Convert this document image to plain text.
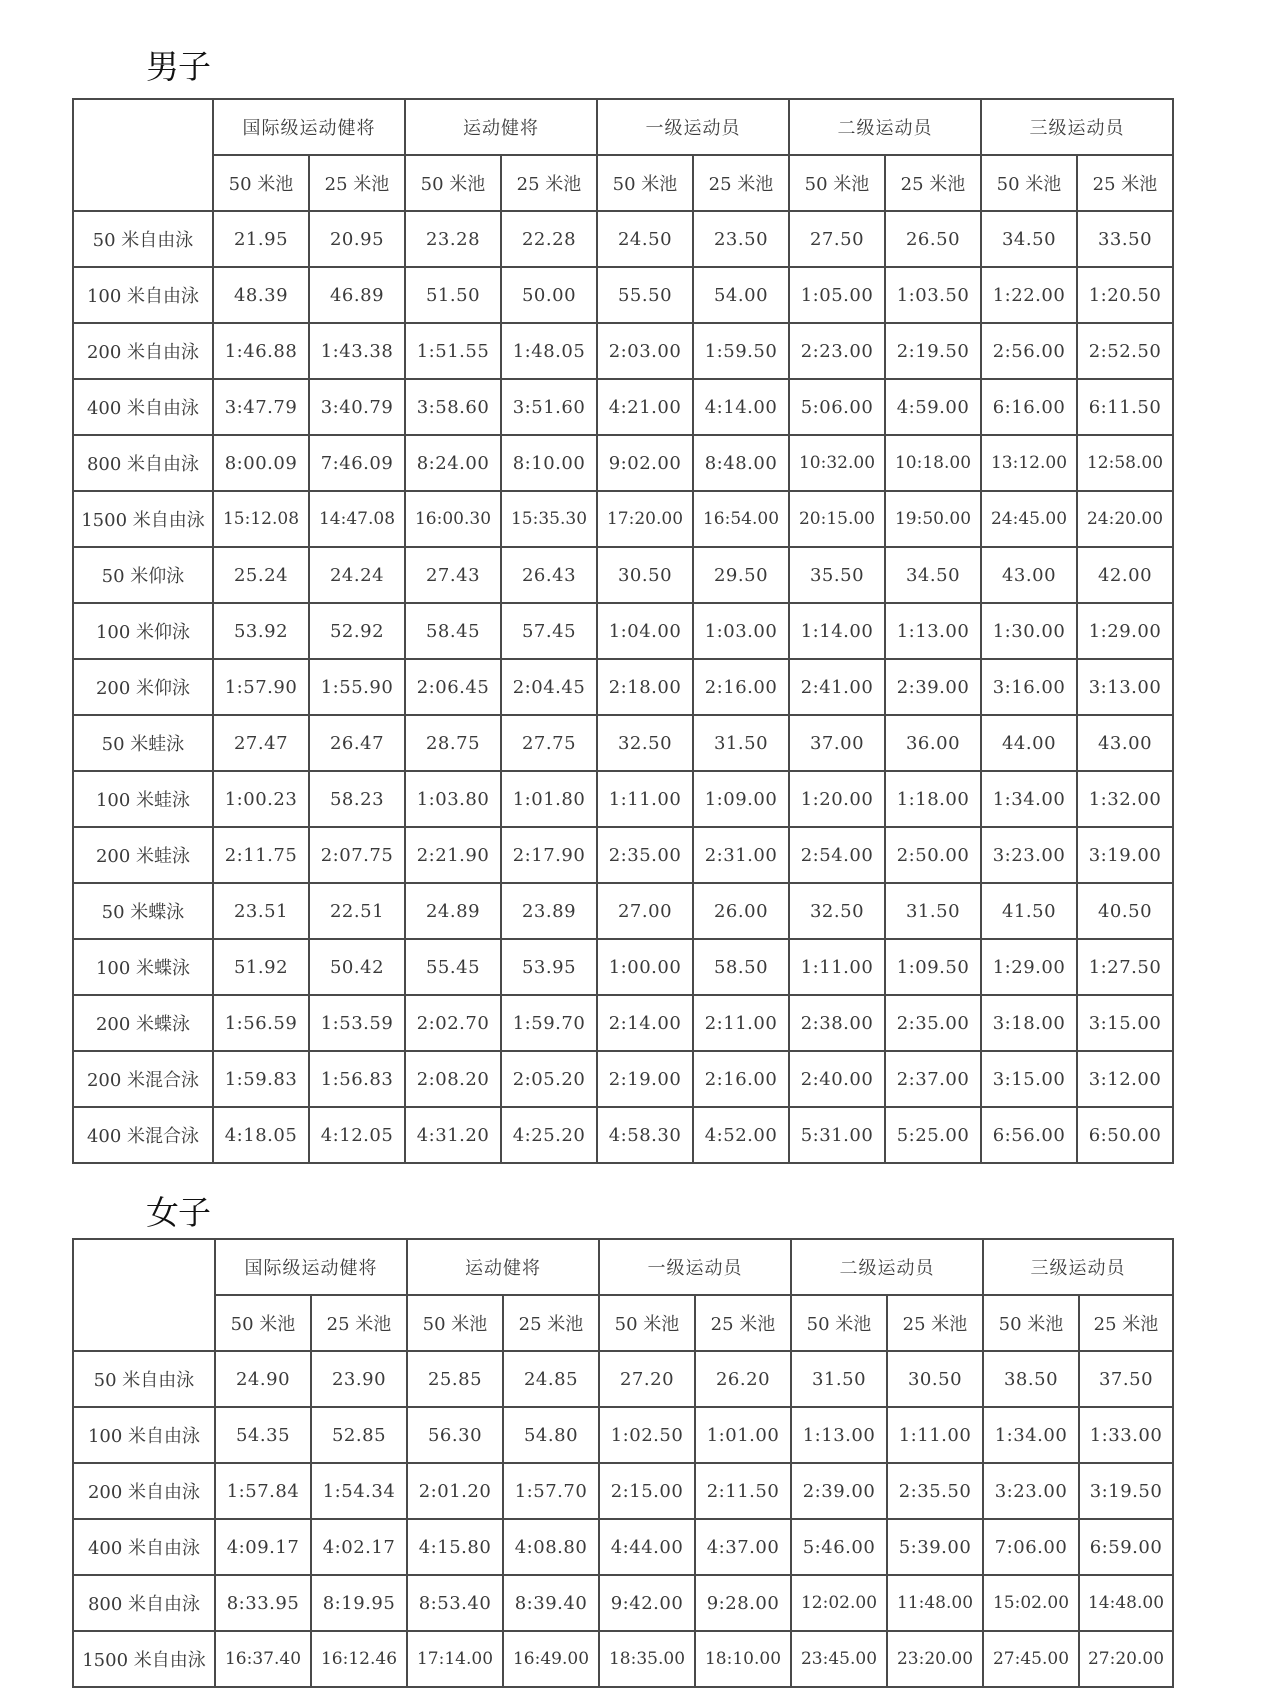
男子
	国际级运动健将		运动健将		一级运动员		二级运动员		三级运动员	
	50 米池	25 米池	50 米池	25 米池	50 米池	25 米池	50 米池	25 米池	50 米池	25 米池
50 米自由泳	21.95	20.95	23.28	22.28	24.50	23.50	27.50	26.50	34.50	33.50
100 米自由泳	48.39	46.89	51.50	50.00	55.50	54.00	1:05.00	1:03.50	1:22.00	1:20.50
200 米自由泳	1:46.88	1:43.38	1:51.55	1:48.05	2:03.00	1:59.50	2:23.00	2:19.50	2:56.00	2:52.50
400 米自由泳	3:47.79	3:40.79	3:58.60	3:51.60	4:21.00	4:14.00	5:06.00	4:59.00	6:16.00	6:11.50
800 米自由泳	8:00.09	7:46.09	8:24.00	8:10.00	9:02.00	8:48.00	10:32.00	10:18.00	13:12.00	12:58.00
1500 米自由泳	15:12.08	14:47.08	16:00.30	15:35.30	17:20.00	16:54.00	20:15.00	19:50.00	24:45.00	24:20.00
50 米仰泳	25.24	24.24	27.43	26.43	30.50	29.50	35.50	34.50	43.00	42.00
100 米仰泳	53.92	52.92	58.45	57.45	1:04.00	1:03.00	1:14.00	1:13.00	1:30.00	1:29.00
200 米仰泳	1:57.90	1:55.90	2:06.45	2:04.45	2:18.00	2:16.00	2:41.00	2:39.00	3:16.00	3:13.00
50 米蛙泳	27.47	26.47	28.75	27.75	32.50	31.50	37.00	36.00	44.00	43.00
100 米蛙泳	1:00.23	58.23	1:03.80	1:01.80	1:11.00	1:09.00	1:20.00	1:18.00	1:34.00	1:32.00
200 米蛙泳	2:11.75	2:07.75	2:21.90	2:17.90	2:35.00	2:31.00	2:54.00	2:50.00	3:23.00	3:19.00
50 米蝶泳	23.51	22.51	24.89	23.89	27.00	26.00	32.50	31.50	41.50	40.50
100 米蝶泳	51.92	50.42	55.45	53.95	1:00.00	58.50	1:11.00	1:09.50	1:29.00	1:27.50
200 米蝶泳	1:56.59	1:53.59	2:02.70	1:59.70	2:14.00	2:11.00	2:38.00	2:35.00	3:18.00	3:15.00
200 米混合泳	1:59.83	1:56.83	2:08.20	2:05.20	2:19.00	2:16.00	2:40.00	2:37.00	3:15.00	3:12.00
400 米混合泳	4:18.05	4:12.05	4:31.20	4:25.20	4:58.30	4:52.00	5:31.00	5:25.00	6:56.00	6:50.00
女子
	国际级运动健将		运动健将		一级运动员		二级运动员		三级运动员	
	50 米池	25 米池	50 米池	25 米池	50 米池	25 米池	50 米池	25 米池	50 米池	25 米池
50 米自由泳	24.90	23.90	25.85	24.85	27.20	26.20	31.50	30.50	38.50	37.50
100 米自由泳	54.35	52.85	56.30	54.80	1:02.50	1:01.00	1:13.00	1:11.00	1:34.00	1:33.00
200 米自由泳	1:57.84	1:54.34	2:01.20	1:57.70	2:15.00	2:11.50	2:39.00	2:35.50	3:23.00	3:19.50
400 米自由泳	4:09.17	4:02.17	4:15.80	4:08.80	4:44.00	4:37.00	5:46.00	5:39.00	7:06.00	6:59.00
800 米自由泳	8:33.95	8:19.95	8:53.40	8:39.40	9:42.00	9:28.00	12:02.00	11:48.00	15:02.00	14:48.00
1500 米自由泳	16:37.40	16:12.46	17:14.00	16:49.00	18:35.00	18:10.00	23:45.00	23:20.00	27:45.00	27:20.00
